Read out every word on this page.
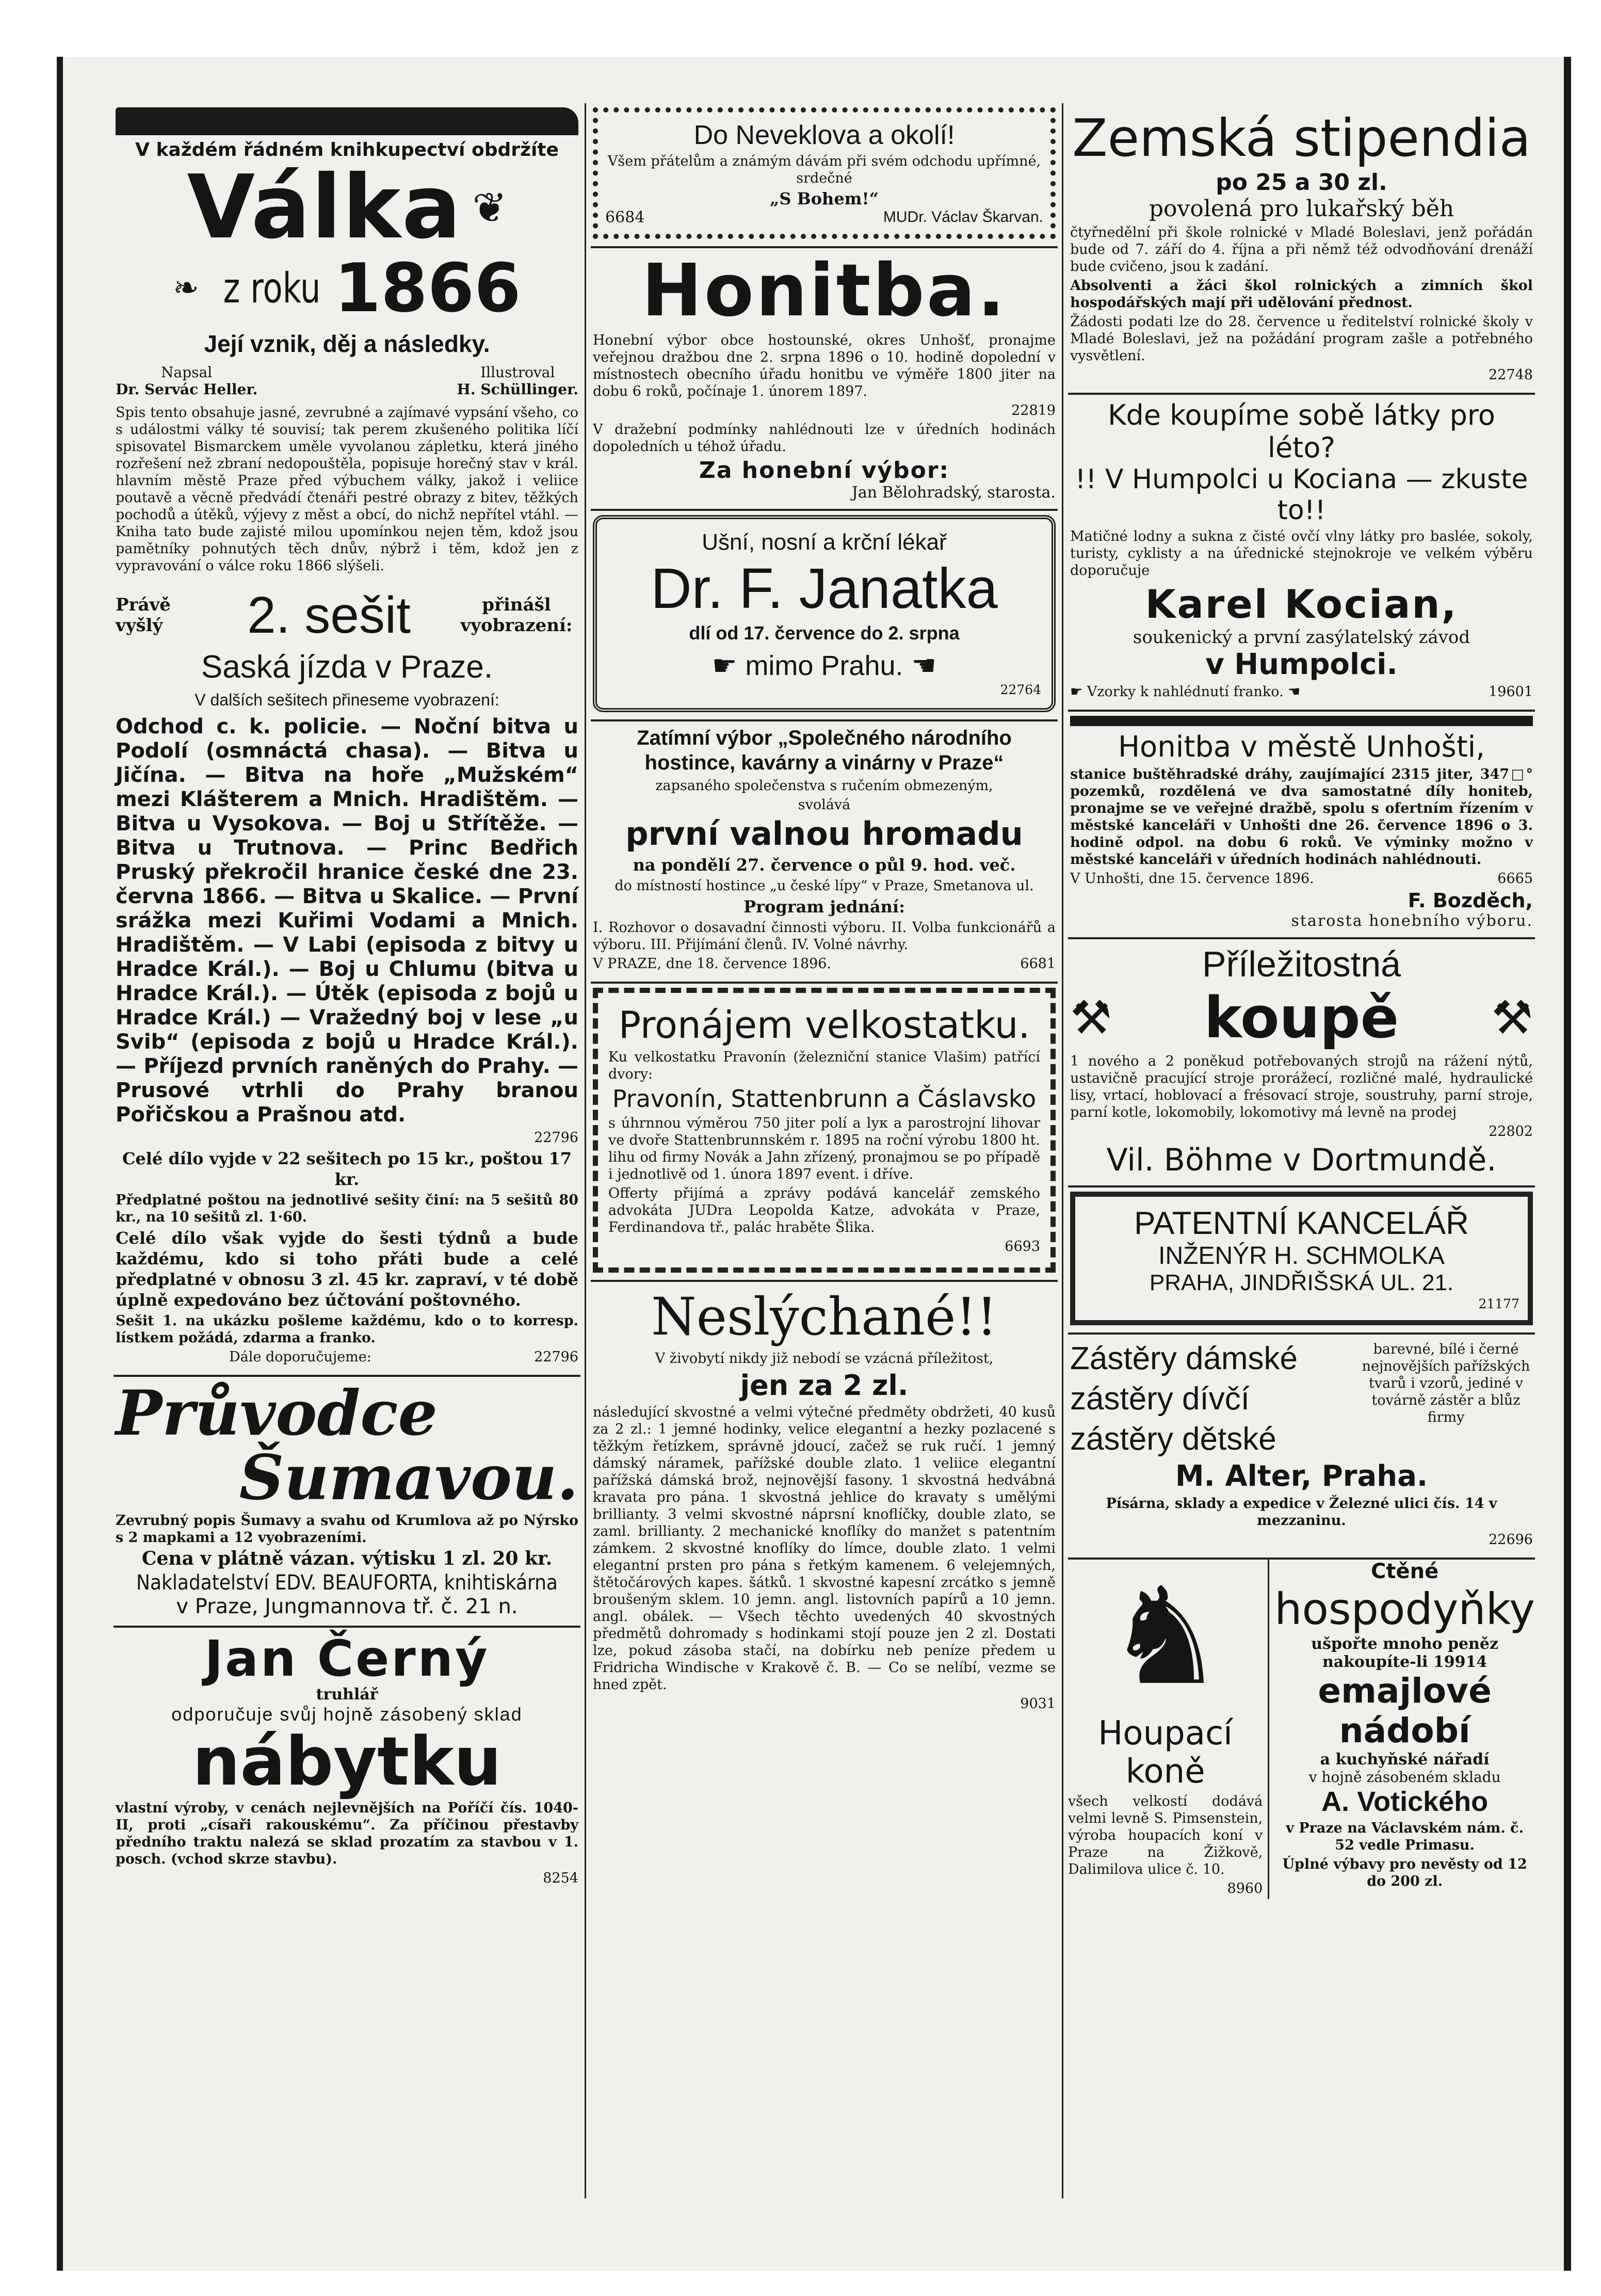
V každém řádném knihkupectví obdržíte
Válka ❦
❧ z roku 1866
Její vznik, děj a následky.
Napsal
Dr. Servác Heller.
Illustroval
H. Schüllinger.
Spis tento obsahuje jasné, zevrubné a zajímavé vypsání všeho, co s událostmi války té souvisí; tak perem zkušeného politika líčí spisovatel Bismarckem uměle vyvolanou zápletku, která jiného rozřešení než zbraní nedopouštěla, popisuje horečný stav v král. hlavním městě Praze před výbuchem války, jakož i veliice poutavě a věcně předvádí čtenáři pestré obrazy z bitev, těžkých pochodů a útěků, výjevy z měst a obcí, do nichž nepřítel vtáhl. — Kniha tato bude zajisté milou upomínkou nejen těm, kdož jsou pamětníky pohnutých těch dnův, nýbrž i těm, kdož jen z vypravování o válce roku 1866 slýšeli.
Právě vyšlý	2. sešit	přinášl vyobrazení:
Saská jízda v Praze.
V dalších sešitech přineseme vyobrazení:
Odchod c. k. policie. — Noční bitva u Podolí (osmnáctá chasa). — Bitva u Jičína. — Bitva na hoře „Mužském“ mezi Klášterem a Mnich. Hradištěm. — Bitva u Vysokova. — Boj u Střítěže. — Bitva u Trutnova. — Princ Bedřich Pruský překročil hranice české dne 23. června 1866. — Bitva u Skalice. — První srážka mezi Kuřimi Vodami a Mnich. Hradištěm. — V Labi (episoda z bitvy u Hradce Král.). — Boj u Chlumu (bitva u Hradce Král.). — Útěk (episoda z bojů u Hradce Král.) — Vražedný boj v lese „u Svib“ (episoda z bojů u Hradce Král.). — Příjezd prvních raněných do Prahy. — Prusové vtrhli do Prahy branou Pořičskou a Prašnou atd.
22796
Celé dílo vyjde v 22 sešitech po 15 kr., poštou 17 kr.
Předplatné poštou na jednotlivé sešity činí: na 5 sešitů 80 kr., na 10 sešitů zl. 1·60.
Celé dílo však vyjde do šesti týdnů a bude každému, kdo si toho přáti bude a celé předplatné v obnosu 3 zl. 45 kr. zapraví, v té době úplně expedováno bez účtování poštovného.
Sešit 1. na ukázku pošleme každému, kdo o to korresp. lístkem požádá, zdarma a franko.
22796
Dále doporučujeme:
Průvodce
Šumavou.
Zevrubný popis Šumavy a svahu od Krumlova až po Nýrsko s 2 mapkami a 12 vyobrazeními.
Cena v plátně vázan. výtisku 1 zl. 20 kr.
Nakladatelství EDV. BEAUFORTA, knihtiskárna
v Praze, Jungmannova tř. č. 21 n.
Jan Černý
truhlář
odporučuje svůj hojně zásobený sklad
nábytku
vlastní výroby, v cenách nejlevnějších na Poříčí čís. 1040-II, proti „císaři rakouskému“. Za příčinou přestavby předního traktu nalezá se sklad prozatím za stavbou v 1. posch. (vchod skrze stavbu).
8254
Do Neveklova a okolí!
Všem přátelům a známým dávám při svém odchodu upřímné, srdečné
„S Bohem!“
6684	MUDr. Václav Škarvan.
Honitba.
Honební výbor obce hostounské, okres Unhošť, pronajme veřejnou dražbou dne 2. srpna 1896 o 10. hodině dopolední v místnostech obecního úřadu honitbu ve výměře 1800 jiter na dobu 6 roků, počínaje 1. únorem 1897.
22819
V dražební podmínky nahlédnouti lze v úředních hodinách dopoledních u téhož úřadu.
Za honební výbor:
Jan Bělohradský, starosta.
Ušní, nosní a krční lékař
Dr. F. Janatka
dlí od 17. července do 2. srpna
☛ mimo Prahu. ☚
22764
Zatímní výbor „Společného národního hostince, kavárny a vinárny v Praze“
zapsaného společenstva s ručením obmezeným,
svolává
první valnou hromadu
na pondělí 27. července o půl 9. hod. več.
do místností hostince „u české lípy“ v Praze, Smetanova ul.
Program jednání:
I. Rozhovor o dosavadní činnosti výboru. II. Volba funkcionářů a výboru. III. Přijímání členů. IV. Volné návrhy.
V PRAZE, dne 18. července 1896.	6681
Pronájem velkostatku.
Ku velkostatku Pravonín (železniční stanice Vlašim) patřící dvory:
Pravonín, Stattenbrunn a Čáslavsko
s úhrnnou výměrou 750 jiter polí a lук a parostrojní lihovar ve dvoře Stattenbrunnském r. 1895 na roční výrobu 1800 ht. lihu od firmy Novák a Jahn zřízený, pronajmou se po případě i jednotlivě od 1. února 1897 event. i dříve.
Offerty přijímá a zprávy podává kancelář zemského advokáta JUDra Leopolda Katze, advokáta v Praze, Ferdinandova tř., palác hraběte Šlika.
6693
Neslýchané!!
V živobytí nikdy již nebodí se vzácná příležitost,
jen za 2 zl.
následující skvostné a velmi výtečné předměty obdržeti, 40 kusů za 2 zl.: 1 jemné hodinky, velice elegantní a hezky pozlacené s těžkým řetízkem, správně jdoucí, začež se ruk ručí. 1 jemný dámský náramek, pařížské double zlato. 1 veliice elegantní pařížská dámská brož, nejnovější fasony. 1 skvostná hedvábná kravata pro pána. 1 skvostná jehlice do kravaty s umělými brillianty. 3 velmi skvostné náprsní knoflíčky, double zlato, se zaml. brillianty. 2 mechanické knoflíky do manžet s patentním zámkem. 2 skvostné knoflíky do límce, double zlato. 1 velmi elegantní prsten pro pána s řetkým kamenem. 6 velejemných, štětočárových kapes. šátků. 1 skvostné kapesní zrcátko s jemně broušeným sklem. 10 jemn. angl. listovních papírů a 10 jemn. angl. obálek. — Všech těchto uvedených 40 skvostných předmětů dohromady s hodinkami stojí pouze jen 2 zl. Dostati lze, pokud zásoba stačí, na dobírku neb peníze předem u Fridricha Windische v Krakově č. B. — Co se nelíbí, vezme se hned zpět.
9031
Zemská stipendia
po 25 a 30 zl.
povolená pro lukařský běh
čtyřnedělní při škole rolnické v Mladé Boleslavi, jenž pořádán bude od 7. září do 4. října a při němž též odvodňování drenáží bude cvičeno, jsou k zadání.
Absolventi a žáci škol rolnických a zimních škol hospodářských mají při udělování přednost.
Žádosti podati lze do 28. července u ředitelství rolnické školy v Mladé Boleslavi, jež na požádání program zašle a potřebného vysvětlení.
22748
Kde koupíme sobě látky pro léto?
!! V Humpolci u Kociana — zkuste to!!
Matičné lodny a sukna z čisté ovčí vlny látky pro baslée, sokoly, turisty, cyklisty a na úřednické stejnokroje ve velkém výběru doporučuje
Karel Kocian,
soukenický a první zasýlatelský závod
v Humpolci.
☛ Vzorky k nahlédnutí franko. ☚	19601
Honitba v městě Unhošti,
stanice buštěhradské dráhy, zaujímající 2315 jiter, 347□° pozemků, rozdělená ve dva samostatné díly honiteb, pronajme se ve veřejné dražbě, spolu s ofertním řízením v městské kanceláři v Unhošti dne 26. července 1896 o 3. hodině odpol. na dobu 6 roků. Ve výminky možno v městské kanceláři v úředních hodinách nahlédnouti.
V Unhošti, dne 15. července 1896.	6665
F. Bozděch,
starosta honebního výboru.
Příležitostná
⚒ koupě ⚒
1 nového a 2 poněkud potřebovaných strojů na rážení nýtů, ustavičně pracující stroje prorážecí, rozličné malé, hydraulické lisy, vrtací, hoblovací a frésovací stroje, soustruhy, parní stroje, parní kotle, lokomobily, lokomotivy má levně na prodej
22802
Vil. Böhme v Dortmundě.
PATENTNÍ KANCELÁŘ
INŽENÝR H. SCHMOLKA
PRAHA, JINDŘIŠSKÁ UL. 21.
21177
Zástěry dámské
zástěry dívčí
zástěry dětské
barevné, bílé i černé nejnovějších pařížských tvarů i vzorů, jediné v továrně zástěr a blůz firmy
M. Alter, Praha.
Písárna, sklady a expedice v Železné ulici čís. 14 v mezzaninu.
22696
♞
Houpací koně
všech velkostí dodává velmi levně S. Pimsenstein, výroba houpacích koní v Praze na Žižkově, Dalimilova ulice č. 10.
8960
Ctěné
hospodyňky
ušpořte mnoho peněz nakoupíte-li 19914
emajlové
nádobí
a kuchyňské nářadí
v hojně zásobeném skladu
A. Votického
v Praze na Václavském nám. č. 52 vedle Primasu.
Úplné výbavy pro nevěsty od 12 do 200 zl.
